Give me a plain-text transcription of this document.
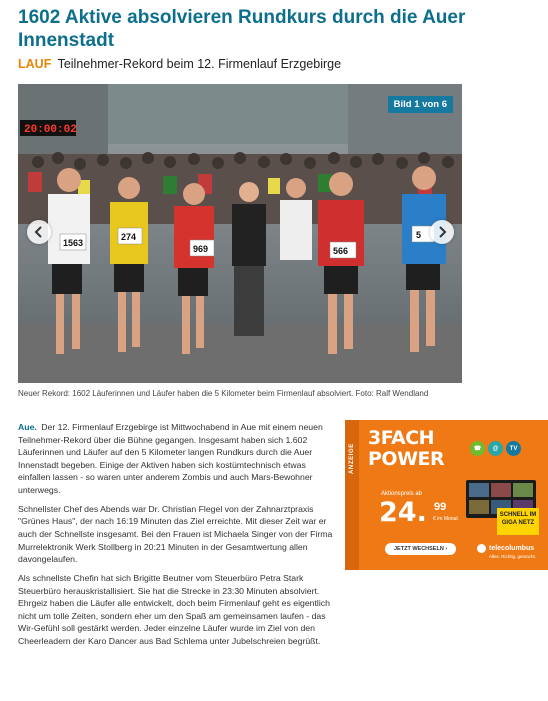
1602 Aktive absolvieren Rundkurs durch die Auer Innenstadt
LAUF Teilnehmer-Rekord beim 12. Firmenlauf Erzgebirge
20:00:02
1563
274
969	566
5
Bild 1 von 6
Neuer Rekord: 1602 Läuferinnen und Läufer haben die 5 Kilometer beim Firmenlauf absolviert. Foto: Ralf Wendland

Aue. Der 12. Firmenlauf Erzgebirge ist Mittwochabend in Aue mit einem neuen Teilnehmer-Rekord über die Bühne gegangen. Insgesamt haben sich 1.602 Läuferinnen und Läufer auf den 5 Kilometer langen Rundkurs durch die Auer Innenstadt begeben. Einige der Aktiven haben sich kostümtechnisch etwas einfallen lassen - so waren unter anderem Zombis und auch Mars-Bewohner unterwegs.

Schnellster Chef des Abends war Dr. Christian Flegel von der Zahnarztpraxis "Grünes Haus", der nach 16:19 Minuten das Ziel erreichte. Mit dieser Zeit war er auch der Schnellste insgesamt. Bei den Frauen ist Michaela Singer von der Firma Murrelektronik Werk Stollberg in 20:21 Minuten in der Gesamtwertung allen davongelaufen.

Als schnellste Chefin hat sich Brigitte Beutner vom Steuerbüro Petra Stark Steuerbüro herauskristallisiert. Sie hat die Strecke in 23:30 Minuten absolviert. Ehrgeiz haben die Läufer alle entwickelt, doch beim Firmenlauf geht es eigentlich nicht um tolle Zeiten, sondern eher um den Spaß am gemeinsamen laufen - das Wir-Gefühl soll gestärkt werden. Jeder einzelne Läufer wurde im Ziel von den Cheerleadern der Karo Dancer aus Bad Schlema unter Jubelschreien begrüßt.

ANZEIGE
3FACH
POWER	☎	@	TV
Aktionspreis ab
24. 99
€ im Monat
SCHNELL IM GIGA NETZ
JETZT WECHSELN ›	telecolumbus
Alles. Richtig. gemacht.
